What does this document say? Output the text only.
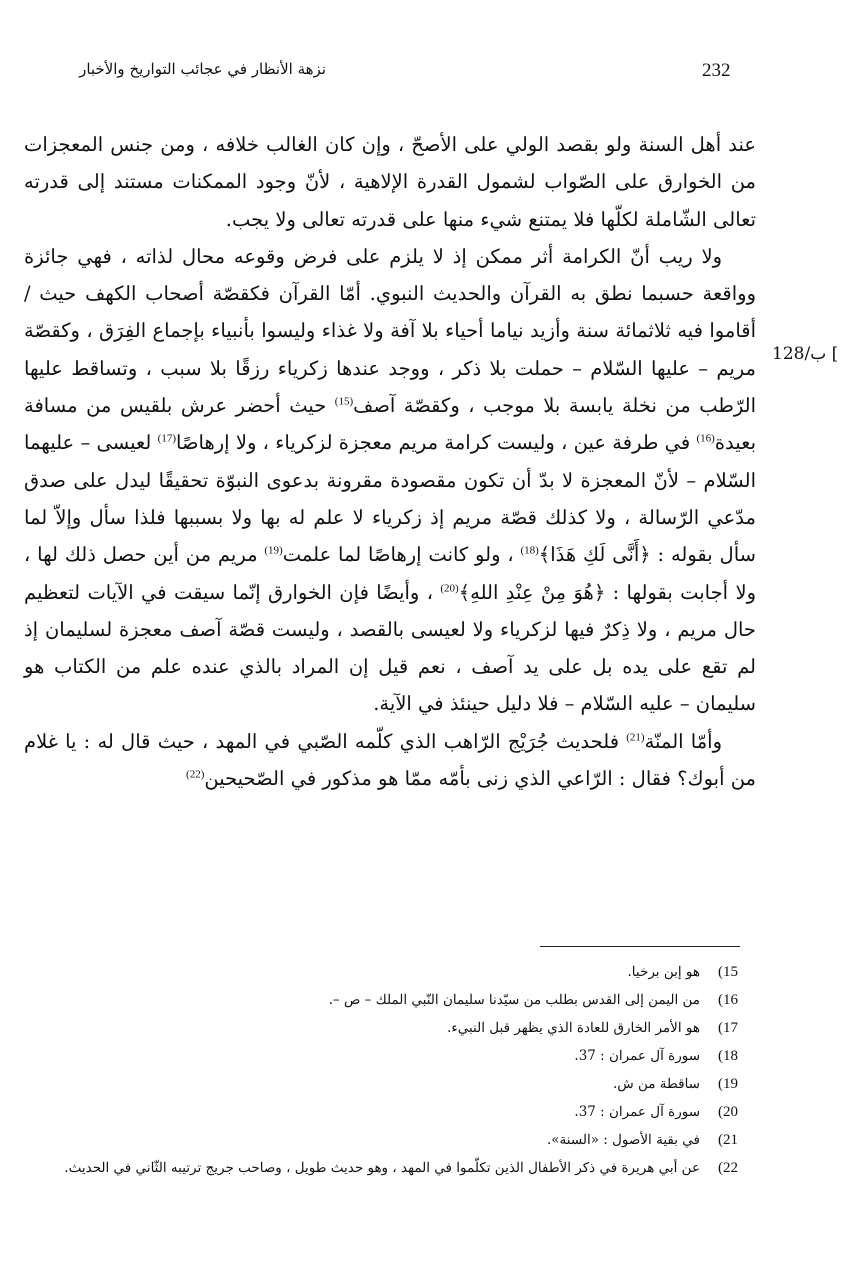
232
نزهة الأنظار في عجائب التواريخ والأخبار
128/ب [

عند أهل السنة ولو بقصد الولي على الأصحّ ، وإن كان الغالب خلافه ، ومن جنس المعجزات من الخوارق على الصّواب لشمول القدرة الإلاهية ، لأنّ وجود الممكنات مستند إلى قدرته تعالى الشّاملة لكلّها فلا يمتنع شيء منها على قدرته تعالى ولا يجب.

ولا ريب أنّ الكرامة أثر ممكن إذ لا يلزم على فرض وقوعه محال لذاته ، فهي جائزة وواقعة حسبما نطق به القرآن والحديث النبوي. أمّا القرآن فكقصّة أصحاب الكهف حيث / أقاموا فيه ثلاثمائة سنة وأزيد نياما أحياء بلا آفة ولا غذاء وليسوا بأنبياء بإجماع الفِرَق ، وكقصّة مريم – عليها السّلام – حملت بلا ذكر ، ووجد عندها زكرياء رزقًا بلا سبب ، وتساقط عليها الرّطب من نخلة يابسة بلا موجب ، وكقصّة آصف$^{(15)}$ حيث أحضر عرش بلقيس من مسافة بعيدة$^{(16)}$ في طرفة عين ، وليست كرامة مريم معجزة لزكرياء ، ولا إرهاصًا$^{(17)}$ لعيسى – عليهما السّلام – لأنّ المعجزة لا بدّ أن تكون مقصودة مقرونة بدعوى النبوّة تحقيقًا ليدل على صدق مدّعي الرّسالة ، ولا كذلك قصّة مريم إذ زكرياء لا علم له بها ولا بسببها فلذا سأل وإلاّ لما سأل بقوله : ﴿أَنَّى لَكِ هَذَا﴾$^{(18)}$ ، ولو كانت إرهاصًا لما علمت$^{(19)}$ مريم من أين حصل ذلك لها ، ولا أجابت بقولها : ﴿هُوَ مِنْ عِنْدِ اللهِ﴾$^{(20)}$ ، وأيضًا فإن الخوارق إنّما سيقت في الآيات لتعظيم حال مريم ، ولا ذِكرٌ فيها لزكرياء ولا لعيسى بالقصد ، وليست قصّة آصف معجزة لسليمان إذ لم تقع على يده بل على يد آصف ، نعم قيل إن المراد بالذي عنده علم من الكتاب هو سليمان – عليه السّلام – فلا دليل حينئذ في الآية.

وأمّا المنّة$^{(21)}$ فلحديث جُرَيْج الرّاهب الذي كلّمه الصّبي في المهد ، حيث قال له : يا غلام من أبوك؟ فقال : الرّاعي الذي زنى بأمّه ممّا هو مذكور في الصّحيحين$^{(22)}$

15)
هو إبن برخيا.
16)
من اليمن إلى القدس بطلب من سيّدنا سليمان النّبي الملك – ص –.
17)
هو الأمر الخارق للعادة الذي يظهر قبل النبيء.
18)
سورة آل عمران : 37.
19)
ساقطة من ش.
20)
سورة آل عمران : 37.
21)
في بقية الأصول : «السنة».
22)
عن أبي هريرة في ذكر الأطفال الذين تكلّموا في المهد ، وهو حديث طويل ، وصاحب جريج ترتيبه الثّاني في الحديث.
